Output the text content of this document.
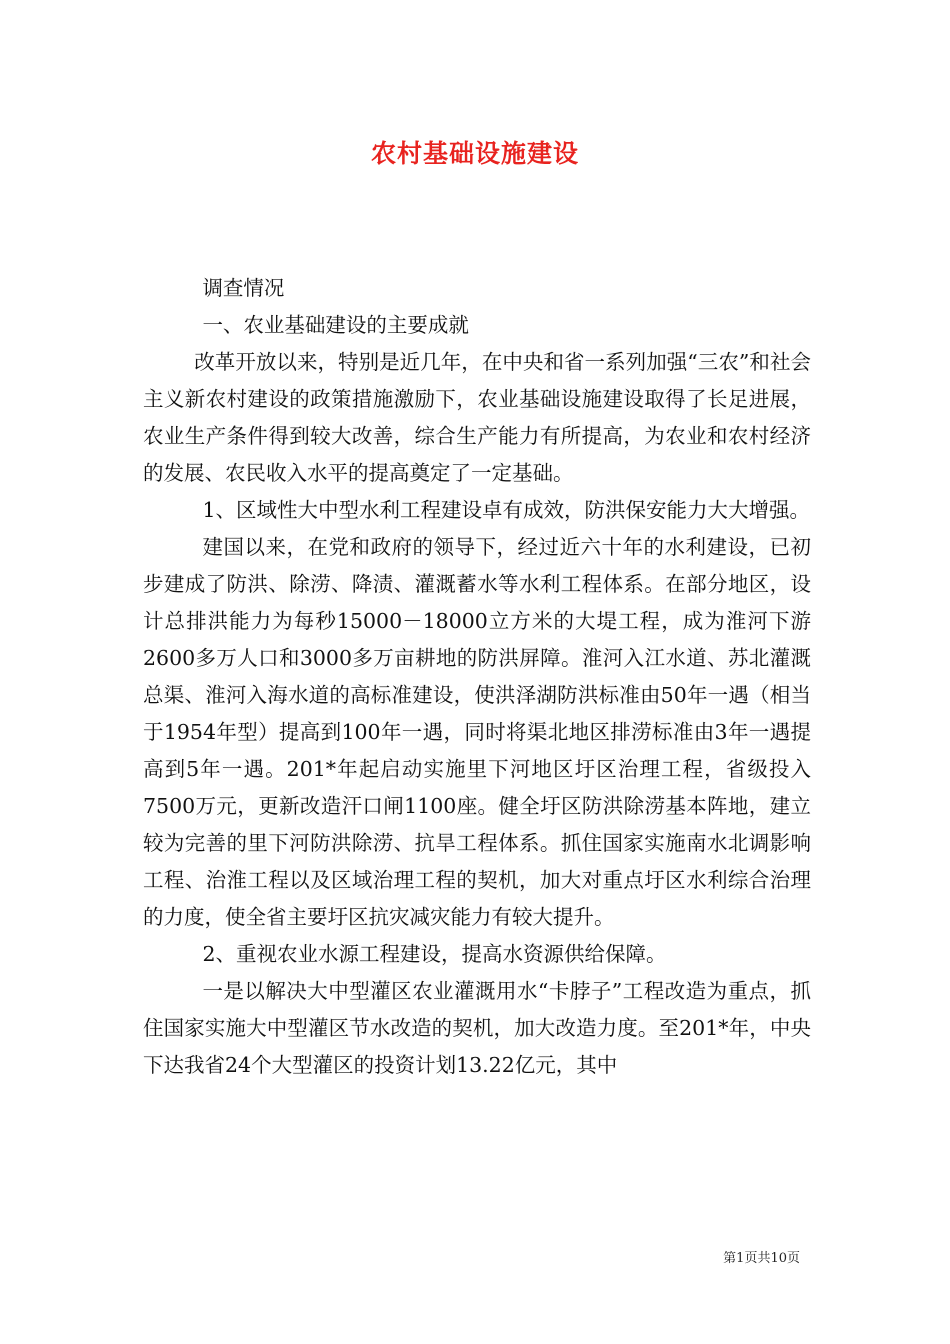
农村基础设施建设

调查情况

一、农业基础建设的主要成就

改革开放以来，特别是近几年，在中央和省一系列加强“三农”和社会主义新农村建设的政策措施激励下，农业基础设施建设取得了长足进展，农业生产条件得到较大改善，综合生产能力有所提高，为农业和农村经济的发展、农民收入水平的提高奠定了一定基础。

1、区域性大中型水利工程建设卓有成效，防洪保安能力大大增强。

建国以来，在党和政府的领导下，经过近六十年的水利建设，已初步建成了防洪、除涝、降渍、灌溉蓄水等水利工程体系。在部分地区，设计总排洪能力为每秒15000－18000立方米的大堤工程，成为淮河下游2600多万人口和3000多万亩耕地的防洪屏障。淮河入江水道、苏北灌溉总渠、淮河入海水道的高标准建设，使洪泽湖防洪标准由50年一遇（相当于1954年型）提高到100年一遇，同时将渠北地区排涝标准由3年一遇提高到5年一遇。201*年起启动实施里下河地区圩区治理工程，省级投入7500万元，更新改造汗口闸1100座。健全圩区防洪除涝基本阵地，建立较为完善的里下河防洪除涝、抗旱工程体系。抓住国家实施南水北调影响工程、治淮工程以及区域治理工程的契机，加大对重点圩区水利综合治理的力度，使全省主要圩区抗灾减灾能力有较大提升。

2、重视农业水源工程建设，提高水资源供给保障。

一是以解决大中型灌区农业灌溉用水“卡脖子”工程改造为重点，抓住国家实施大中型灌区节水改造的契机，加大改造力度。至201*年，中央下达我省24个大型灌区的投资计划13.22亿元，其中

第1页共10页
